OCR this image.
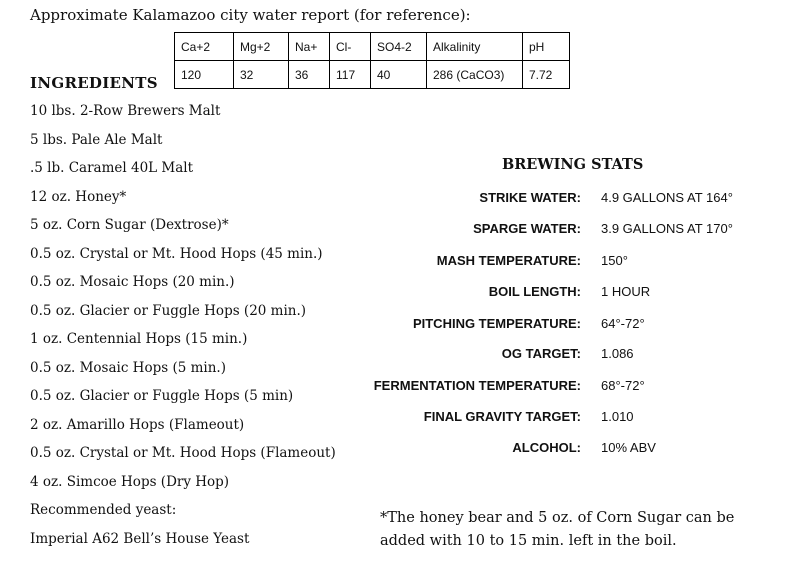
Approximate Kalamazoo city water report (for reference):
Ca+2	Mg+2	Na+	Cl-	SO4-2	Alkalinity	pH
120	32	36	117	40	286 (CaCO3)	7.72
INGREDIENTS
10 lbs. 2-Row Brewers Malt
5 lbs. Pale Ale Malt
.5 lb. Caramel 40L Malt
12 oz. Honey*
5 oz. Corn Sugar (Dextrose)*
0.5 oz. Crystal or Mt. Hood Hops (45 min.)
0.5 oz. Mosaic Hops (20 min.)
0.5 oz. Glacier or Fuggle Hops (20 min.)
1 oz. Centennial Hops (15 min.)
0.5 oz. Mosaic Hops (5 min.)
0.5 oz. Glacier or Fuggle Hops (5 min)
2 oz. Amarillo Hops (Flameout)
0.5 oz. Crystal or Mt. Hood Hops (Flameout)
4 oz. Simcoe Hops (Dry Hop)
Recommended yeast:
Imperial A62 Bell’s House Yeast
BREWING STATS
STRIKE WATER: 4.9 GALLONS AT 164°
SPARGE WATER: 3.9 GALLONS AT 170°
MASH TEMPERATURE: 150°
BOIL LENGTH: 1 HOUR
PITCHING TEMPERATURE: 64°-72°
OG TARGET: 1.086
FERMENTATION TEMPERATURE: 68°-72°
FINAL GRAVITY TARGET: 1.010
ALCOHOL: 10% ABV
*The honey bear and 5 oz. of Corn Sugar can be
added with 10 to 15 min. left in the boil.
